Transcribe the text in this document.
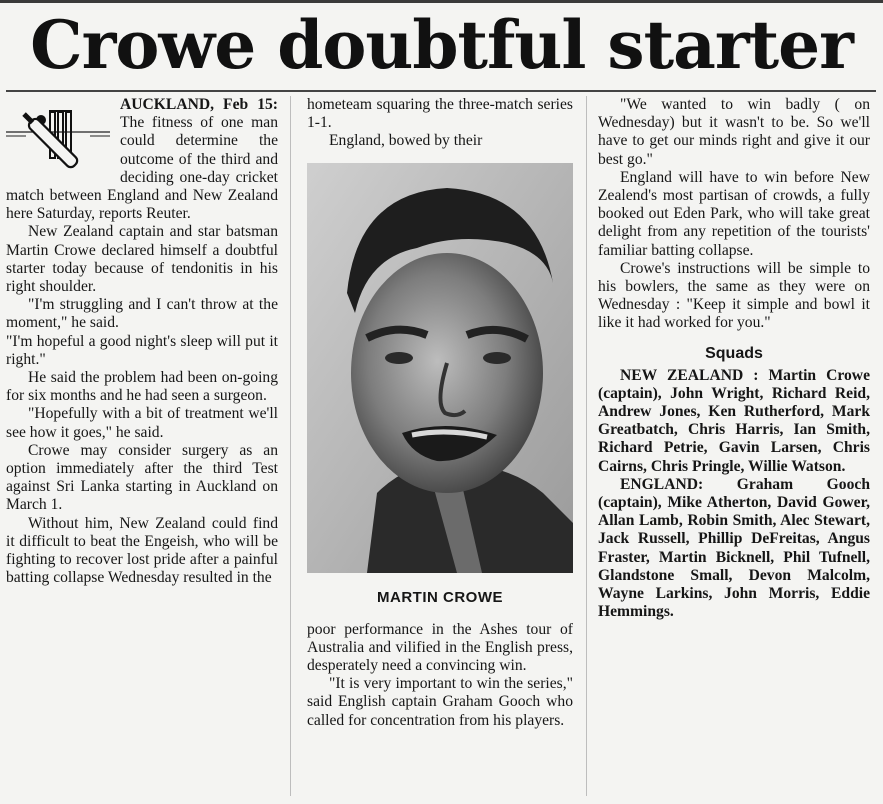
Crowe doubtful starter

AUCKLAND, Feb 15: The fitness of one man could determine the outcome of the third and deciding one-day cricket match between England and New Zealand here Saturday, reports Reuter.

New Zealand captain and star batsman Martin Crowe declared himself a doubtful starter today because of tendonitis in his right shoulder.

"I'm struggling and I can't throw at the moment," he said.

"I'm hopeful a good night's sleep will put it right."

He said the problem had been on-going for six months and he had seen a surgeon.

"Hopefully with a bit of treatment we'll see how it goes," he said.

Crowe may consider surgery as an option immediately after the third Test against Sri Lanka starting in Auckland on March 1.

Without him, New Zealand could find it difficult to beat the Engeish, who will be fighting to recover lost pride after a painful batting collapse Wednesday resulted in the

hometeam squaring the three-match series 1-1.

England, bowed by their

MARTIN CROWE

poor performance in the Ashes tour of Australia and vilified in the English press, desperately need a convincing win.

"It is very important to win the series," said English captain Graham Gooch who called for concentration from his players.

"We wanted to win badly ( on Wednesday) but it wasn't to be. So we'll have to get our minds right and give it our best go."

England will have to win before New Zealend's most partisan of crowds, a fully booked out Eden Park, who will take great delight from any repetition of the tourists' familiar batting collapse.

Crowe's instructions will be simple to his bowlers, the same as they were on Wednesday : "Keep it simple and bowl it like it had worked for you."

Squads

NEW ZEALAND : Martin Crowe (captain), John Wright, Richard Reid, Andrew Jones, Ken Rutherford, Mark Greatbatch, Chris Harris, Ian Smith, Richard Petrie, Gavin Larsen, Chris Cairns, Chris Pringle, Willie Watson.

ENGLAND: Graham Gooch (captain), Mike Atherton, David Gower, Allan Lamb, Robin Smith, Alec Stewart, Jack Russell, Phillip DeFreitas, Angus Fraster, Martin Bicknell, Phil Tufnell, Glandstone Small, Devon Malcolm, Wayne Larkins, John Morris, Eddie Hemmings.
